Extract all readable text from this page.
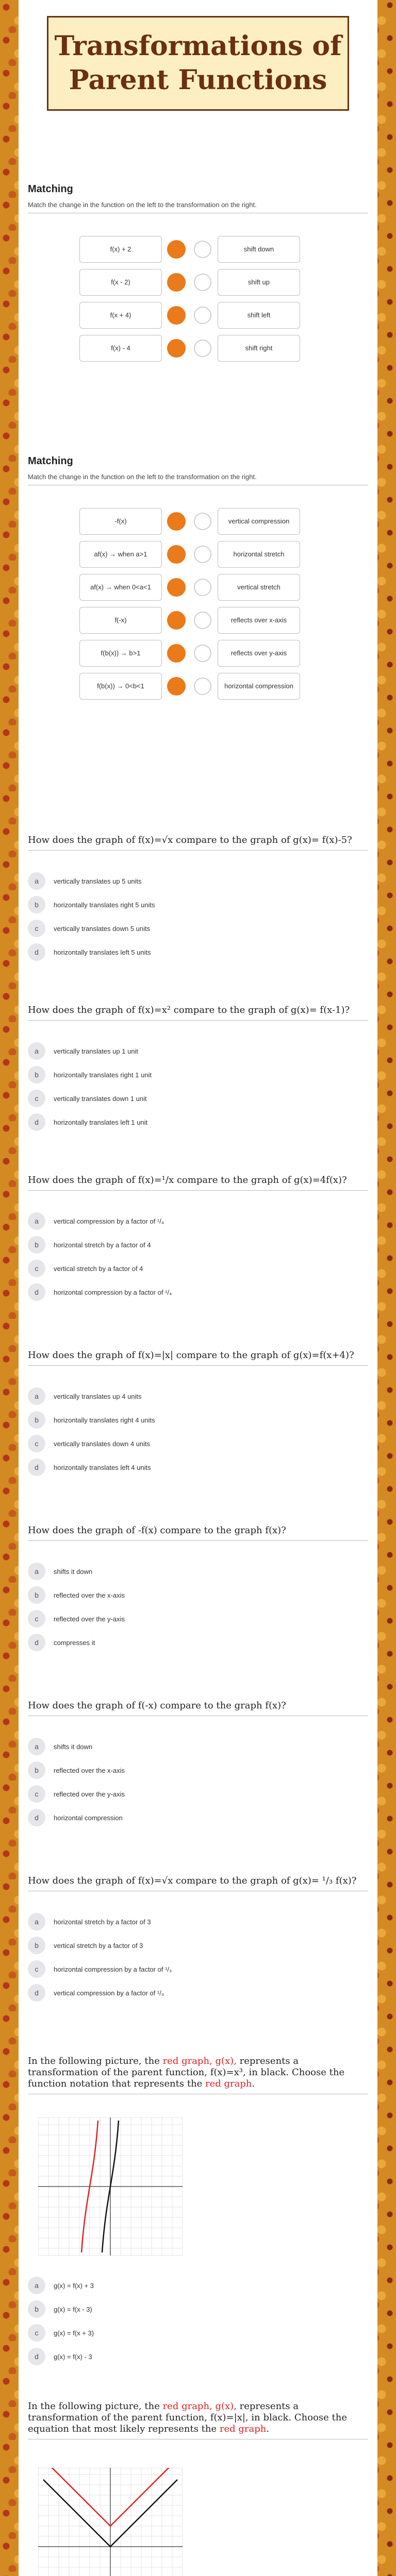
Transformations of
Parent Functions
Matching
Match the change in the function on the left to the transformation on the right.
f(x) + 2	shift down
f(x - 2)	shift up
f(x + 4)	shift left
f(x) - 4	shift right
Matching
Match the change in the function on the left to the transformation on the right.
-f(x)	vertical compression
af(x) → when a>1	horizontal stretch
af(x) → when 0<a<1	vertical stretch
f(-x)	reflects over x-axis
f(b(x)) → b>1	reflects over y-axis
f(b(x)) → 0<b<1	horizontal compression
How does the graph of f(x)=√x compare to the graph of g(x)= f(x)-5?
a	vertically translates up 5 units
b	horizontally translates right 5 units
c	vertically translates down 5 units
d	horizontally translates left 5 units
How does the graph of f(x)=x² compare to the graph of g(x)= f(x-1)?
a	vertically translates up 1 unit
b	horizontally translates right 1 unit
c	vertically translates down 1 unit
d	horizontally translates left 1 unit
How does the graph of f(x)=¹/x compare to the graph of g(x)=4f(x)?
a	vertical compression by a factor of ¹/₄
b	horizontal stretch by a factor of 4
c	vertical stretch by a factor of 4
d	horizontal compression by a factor of ¹/₄
How does the graph of f(x)=|x| compare to the graph of g(x)=f(x+4)?
a	vertically translates up 4 units
b	horizontally translates right 4 units
c	vertically translates down 4 units
d	horizontally translates left 4 units
How does the graph of -f(x) compare to the graph f(x)?
a	shifts it down
b	reflected over the x-axis
c	reflected over the y-axis
d	compresses it
How does the graph of f(-x) compare to the graph f(x)?
a	shifts it down
b	reflected over the x-axis
c	reflected over the y-axis
d	horizontal compression
How does the graph of f(x)=√x compare to the graph of g(x)= ¹/₃ f(x)?
a	horizontal stretch by a factor of 3
b	vertical stretch by a factor of 3
c	horizontal compression by a factor of ¹/₃
d	vertical compression by a factor of ¹/₃
In the following picture, the red graph, g(x), represents a transformation of the parent function, f(x)=x³, in black. Choose the function notation that represents the red graph.
a	g(x) = f(x) + 3
b	g(x) = f(x - 3)
c	g(x) = f(x + 3)
d	g(x) = f(x) - 3
In the following picture, the red graph, g(x), represents a transformation of the parent function, f(x)=|x|, in black. Choose the equation that most likely represents the red graph.
